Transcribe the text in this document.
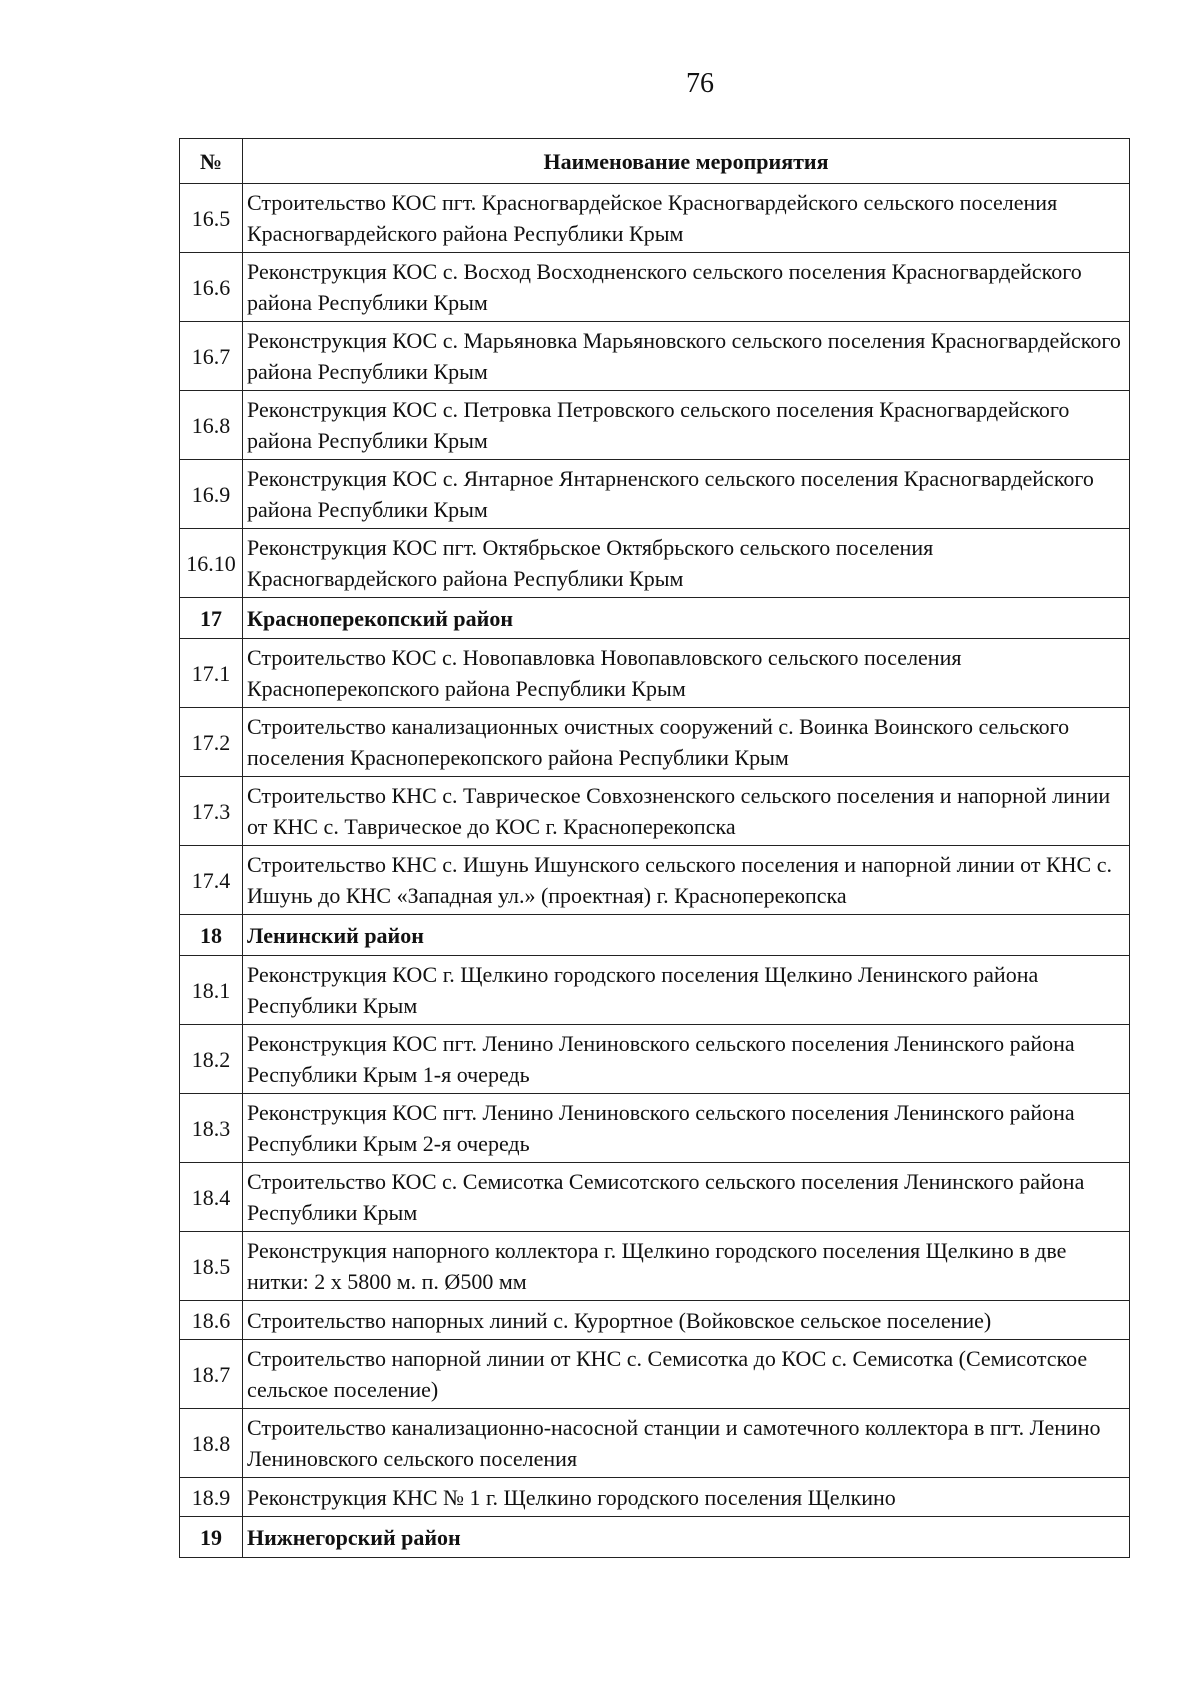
76
№	Наименование мероприятия
16.5	Строительство КОС пгт. Красногвардейское Красногвардейского сельского поселения Красногвардейского района Республики Крым
16.6	Реконструкция КОС с. Восход Восходненского сельского поселения Красногвардейского района Республики Крым
16.7	Реконструкция КОС с. Марьяновка Марьяновского сельского поселения Красногвардейского района Республики Крым
16.8	Реконструкция КОС с. Петровка Петровского сельского поселения Красногвардейского района Республики Крым
16.9	Реконструкция КОС с. Янтарное Янтарненского сельского поселения Красногвардейского района Республики Крым
16.10	Реконструкция КОС пгт. Октябрьское Октябрьского сельского поселения Красногвардейского района Республики Крым
17	Красноперекопский район
17.1	Строительство КОС с. Новопавловка Новопавловского сельского поселения Красноперекопского района Республики Крым
17.2	Строительство канализационных очистных сооружений с. Воинка Воинского сельского поселения Красноперекопского района Республики Крым
17.3	Строительство КНС с. Таврическое Совхозненского сельского поселения и напорной линии от КНС с. Таврическое до КОС г. Красноперекопска
17.4	Строительство КНС с. Ишунь Ишунского сельского поселения и напорной линии от КНС с. Ишунь до КНС «Западная ул.» (проектная) г. Красноперекопска
18	Ленинский район
18.1	Реконструкция КОС г. Щелкино городского поселения Щелкино Ленинского района Республики Крым
18.2	Реконструкция КОС пгт. Ленино Лениновского сельского поселения Ленинского района Республики Крым 1-я очередь
18.3	Реконструкция КОС пгт. Ленино Лениновского сельского поселения Ленинского района Республики Крым 2-я очередь
18.4	Строительство КОС с. Семисотка Семисотского сельского поселения Ленинского района Республики Крым
18.5	Реконструкция напорного коллектора г. Щелкино городского поселения Щелкино в две нитки: 2 х 5800 м. п. Ø500 мм
18.6	Строительство напорных линий с. Курортное (Войковское сельское поселение)
18.7	Строительство напорной линии от КНС с. Семисотка до КОС с. Семисотка (Семисотское сельское поселение)
18.8	Строительство канализационно-насосной станции и самотечного коллектора в пгт. Ленино Лениновского сельского поселения
18.9	Реконструкция КНС № 1 г. Щелкино городского поселения Щелкино
19	Нижнегорский район
